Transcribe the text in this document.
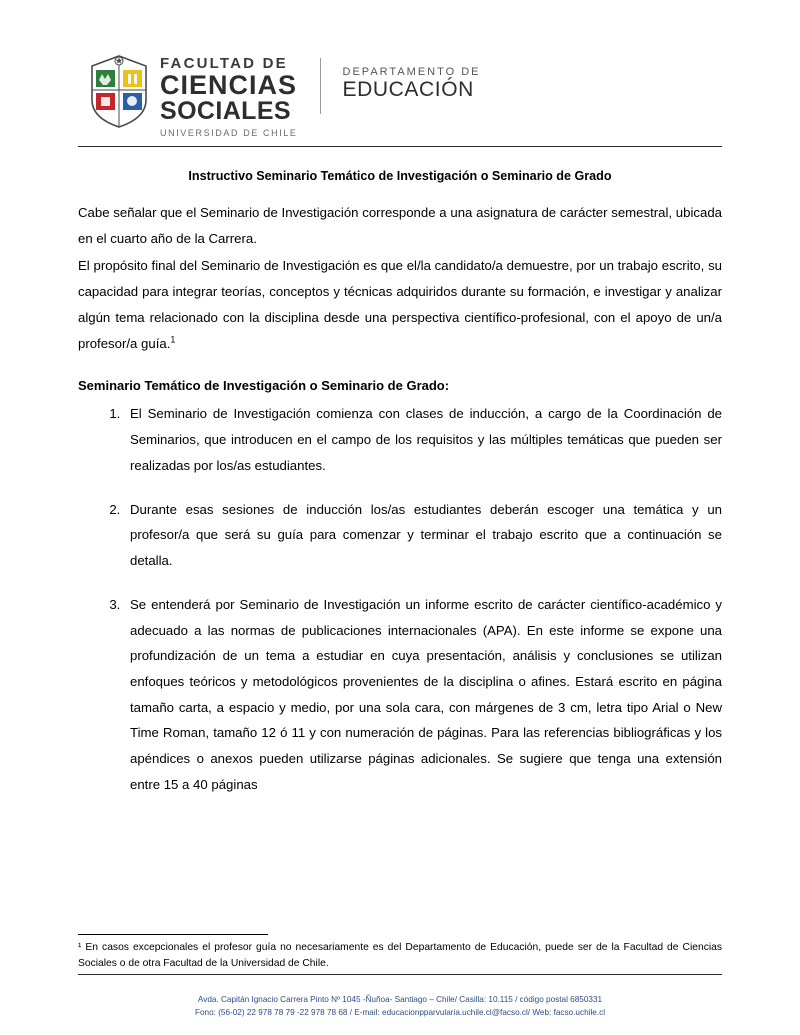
FACULTAD DE
CIENCIAS
SOCIALES
UNIVERSIDAD DE CHILE
DEPARTAMENTO DE
EDUCACIÓN
Instructivo Seminario Temático de Investigación o Seminario de Grado

Cabe señalar que el Seminario de Investigación corresponde a una asignatura de carácter semestral, ubicada en el cuarto año de la Carrera.

El propósito final del Seminario de Investigación es que el/la candidato/a demuestre, por un trabajo escrito, su capacidad para integrar teorías, conceptos y técnicas adquiridos durante su formación, e investigar y analizar algún tema relacionado con la disciplina desde una perspectiva científico-profesional, con el apoyo de un/a profesor/a guía.$^1$

Seminario Temático de Investigación o Seminario de Grado:
1. El Seminario de Investigación comienza con clases de inducción, a cargo de la Coordinación de Seminarios, que introducen en el campo de los requisitos y las múltiples temáticas que pueden ser realizadas por los/as estudiantes.
2. Durante esas sesiones de inducción los/as estudiantes deberán escoger una temática y un profesor/a que será su guía para comenzar y terminar el trabajo escrito que a continuación se detalla.
3. Se entenderá por Seminario de Investigación un informe escrito de carácter científico-académico y adecuado a las normas de publicaciones internacionales (APA). En este informe se expone una profundización de un tema a estudiar en cuya presentación, análisis y conclusiones se utilizan enfoques teóricos y metodológicos provenientes de la disciplina o afines. Estará escrito en página tamaño carta, a espacio y medio, por una sola cara, con márgenes de 3 cm, letra tipo Arial o New Time Roman, tamaño 12 ó 11 y con numeración de páginas. Para las referencias bibliográficas y los apéndices o anexos pueden utilizarse páginas adicionales. Se sugiere que tenga una extensión entre 15 a 40 páginas
¹ En casos excepcionales el profesor guía no necesariamente es del Departamento de Educación, puede ser de la Facultad de Ciencias Sociales o de otra Facultad de la Universidad de Chile.
Avda. Capitán Ignacio Carrera Pinto Nº 1045 -Ñuñoa- Santiago – Chile/ Casilla: 10.115 / código postal 6850331
Fono: (56-02) 22 978 78 79 -22 978 78 68 / E-mail: educacionpparvularia.uchile.cl@facso.cl/ Web: facso.uchile.cl
